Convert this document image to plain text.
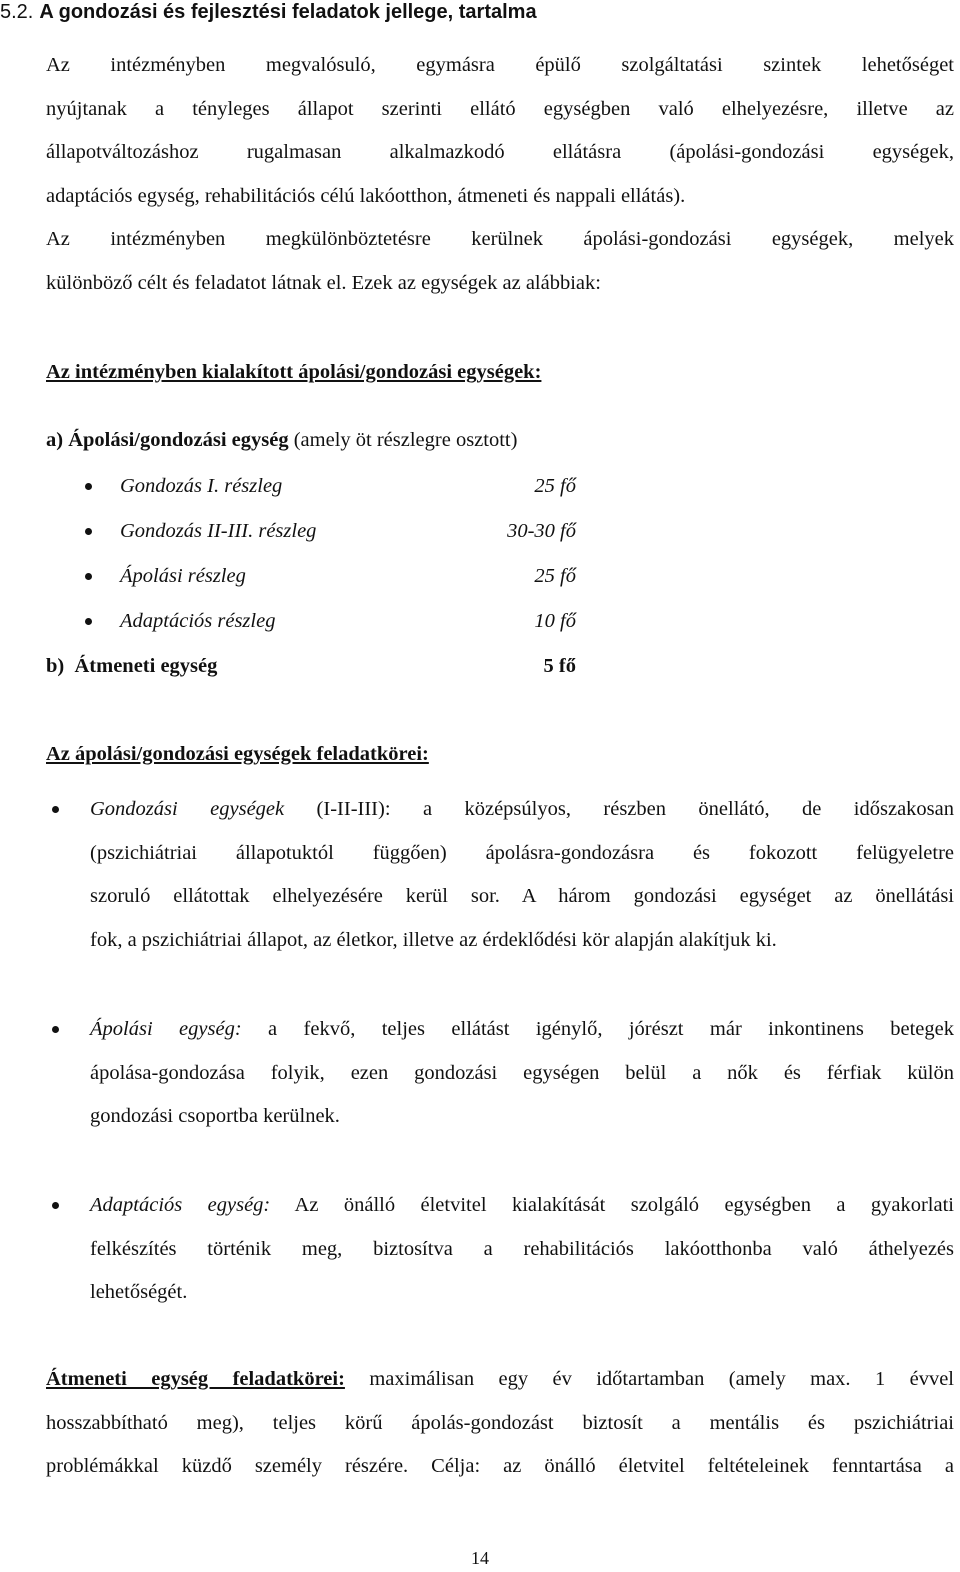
5.2. A gondozási és fejlesztési feladatok jellege, tartalma
Az intézményben megvalósuló, egymásra épülő szolgáltatási szintek lehetőséget
nyújtanak a tényleges állapot szerinti ellátó egységben való elhelyezésre, illetve az
állapotváltozáshoz rugalmasan alkalmazkodó ellátásra (ápolási-gondozási egységek,
adaptációs egység, rehabilitációs célú lakóotthon, átmeneti és nappali ellátás).
Az intézményben megkülönböztetésre kerülnek ápolási-gondozási egységek, melyek
különböző célt és feladatot látnak el. Ezek az egységek az alábbiak:
Az intézményben kialakított ápolási/gondozási egységek:
a) Ápolási/gondozási egység (amely öt részlegre osztott)
Gondozás I. részleg	25 fő
Gondozás II-III. részleg	30-30 fő
Ápolási részleg	25 fő
Adaptációs részleg	10 fő
b) Átmeneti egység	5 fő
Az ápolási/gondozási egységek feladatkörei:
Gondozási egységek (I-II-III): a középsúlyos, részben önellátó, de időszakosan
(pszichiátriai állapotuktól függően) ápolásra-gondozásra és fokozott felügyeletre
szoruló ellátottak elhelyezésére kerül sor. A három gondozási egységet az önellátási
fok, a pszichiátriai állapot, az életkor, illetve az érdeklődési kör alapján alakítjuk ki.
Ápolási egység: a fekvő, teljes ellátást igénylő, jórészt már inkontinens betegek
ápolása-gondozása folyik, ezen gondozási egységen belül a nők és férfiak külön
gondozási csoportba kerülnek.
Adaptációs egység: Az önálló életvitel kialakítását szolgáló egységben a gyakorlati
felkészítés történik meg, biztosítva a rehabilitációs lakóotthonba való áthelyezés
lehetőségét.
Átmeneti egység feladatkörei: maximálisan egy év időtartamban (amely max. 1 évvel
hosszabbítható meg), teljes körű ápolás-gondozást biztosít a mentális és pszichiátriai
problémákkal küzdő személy részére. Célja: az önálló életvitel feltételeinek fenntartása a
14
